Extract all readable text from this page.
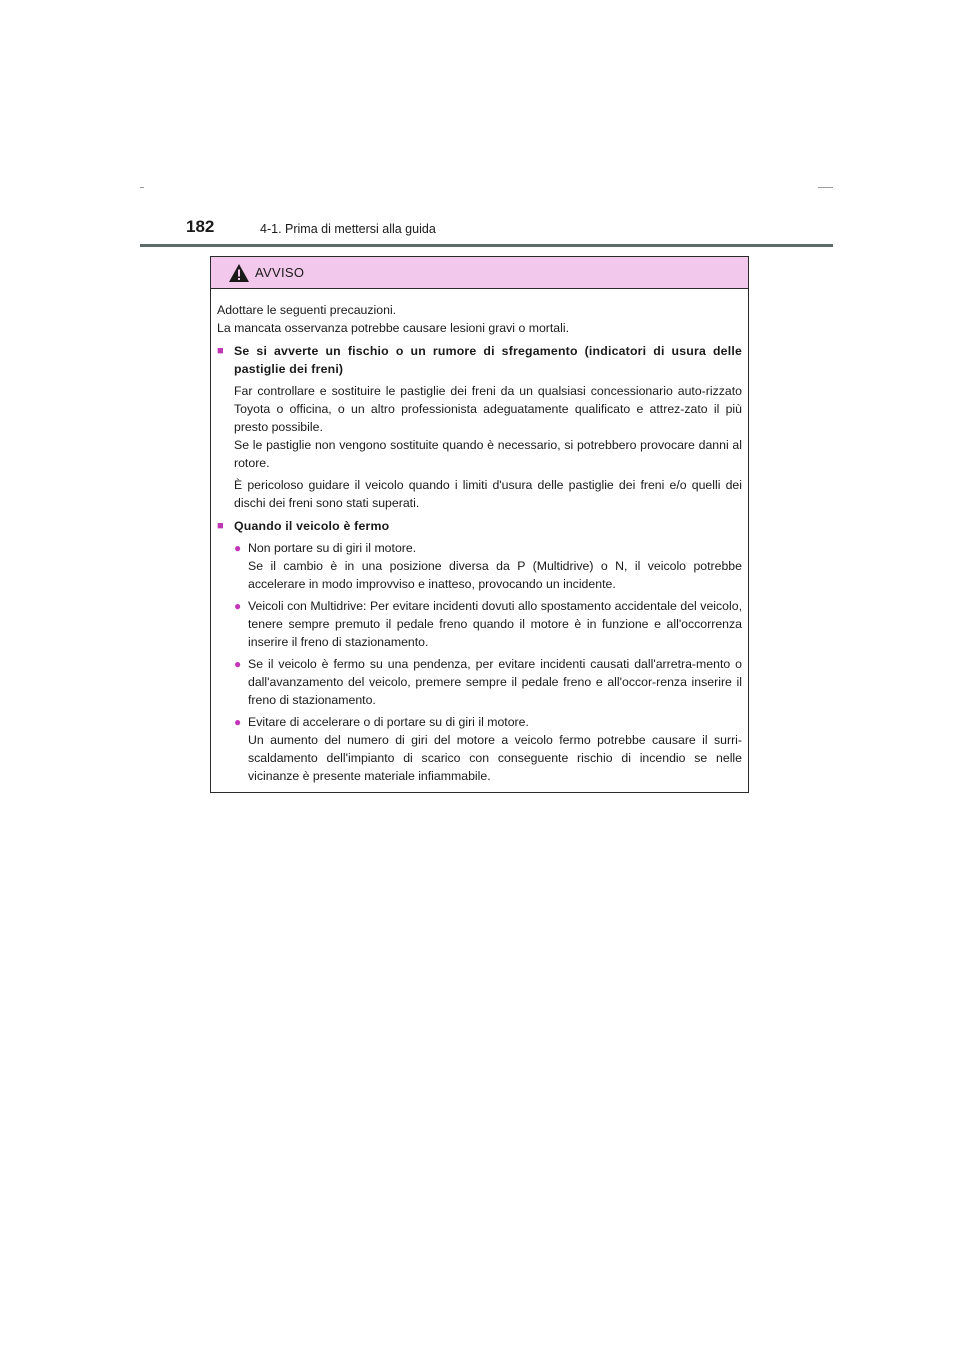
182	4-1. Prima di mettersi alla guida
AVVISO

Adottare le seguenti precauzioni.

La mancata osservanza potrebbe causare lesioni gravi o mortali.

■ Se si avverte un fischio o un rumore di sfregamento (indicatori di usura delle pastiglie dei freni)

Far controllare e sostituire le pastiglie dei freni da un qualsiasi concessionario auto-rizzato Toyota o officina, o un altro professionista adeguatamente qualificato e attrez-zato il più presto possibile.
Se le pastiglie non vengono sostituite quando è necessario, si potrebbero provocare danni al rotore.

È pericoloso guidare il veicolo quando i limiti d'usura delle pastiglie dei freni e/o quelli dei dischi dei freni sono stati superati.

■ Quando il veicolo è fermo
● Non portare su di giri il motore.
Se il cambio è in una posizione diversa da P (Multidrive) o N, il veicolo potrebbe accelerare in modo improvviso e inatteso, provocando un incidente.
● Veicoli con Multidrive: Per evitare incidenti dovuti allo spostamento accidentale del veicolo, tenere sempre premuto il pedale freno quando il motore è in funzione e all'occorrenza inserire il freno di stazionamento.
● Se il veicolo è fermo su una pendenza, per evitare incidenti causati dall'arretra-mento o dall'avanzamento del veicolo, premere sempre il pedale freno e all'occor-renza inserire il freno di stazionamento.
● Evitare di accelerare o di portare su di giri il motore.
Un aumento del numero di giri del motore a veicolo fermo potrebbe causare il surri-scaldamento dell'impianto di scarico con conseguente rischio di incendio se nelle vicinanze è presente materiale infiammabile.
